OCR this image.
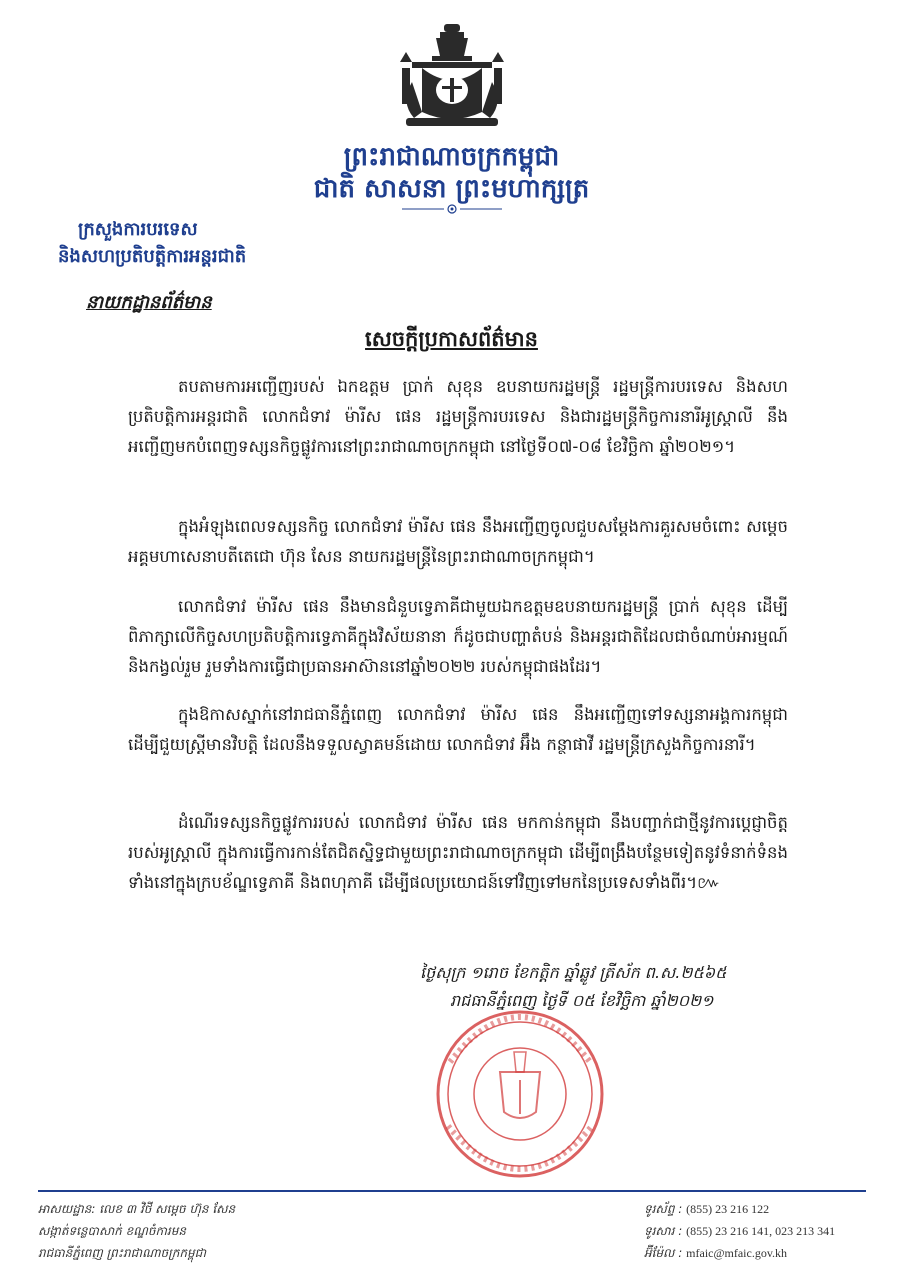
ព្រះរាជាណាចក្រកម្ពុជា
ជាតិ សាសនា ព្រះមហាក្សត្រ
ក្រសួងការបរទេស
និងសហប្រតិបត្តិការអន្តរជាតិ
នាយកដ្ឋានព័ត៌មាន
សេចក្ដីប្រកាសព័ត៌មាន

តបតាមការអញ្ជើញរបស់ ឯកឧត្តម ប្រាក់ សុខុន ឧបនាយករដ្ឋមន្ត្រី រដ្ឋមន្ត្រីការបរទេស និងសហប្រតិបត្តិការអន្តរជាតិ លោកជំទាវ ម៉ារីស ផេន រដ្ឋមន្ត្រីការបរទេស និងជារដ្ឋមន្ត្រីកិច្ចការនារីអូស្ត្រាលី នឹងអញ្ជើញមកបំពេញទស្សនកិច្ចផ្លូវការនៅព្រះរាជាណាចក្រកម្ពុជា នៅថ្ងៃទី០៧-០៨ ខែវិច្ឆិកា ឆ្នាំ២០២១។

ក្នុងអំឡុងពេលទស្សនកិច្ច លោកជំទាវ ម៉ារីស ផេន នឹងអញ្ជើញចូលជួបសម្ដែងការគួរសមចំពោះ សម្ដេចអគ្គមហាសេនាបតីតេជោ ហ៊ុន សែន នាយករដ្ឋមន្ត្រីនៃព្រះរាជាណាចក្រកម្ពុជា។

លោកជំទាវ ម៉ារីស ផេន នឹងមានជំនួបទ្វេភាគីជាមួយឯកឧត្តមឧបនាយករដ្ឋមន្ត្រី ប្រាក់ សុខុន ដើម្បីពិភាក្សាលើកិច្ចសហប្រតិបត្តិការទ្វេភាគីក្នុងវិស័យនានា ក៏ដូចជាបញ្ហាតំបន់ និងអន្តរជាតិដែលជាចំណាប់អារម្មណ៍ និងកង្វល់រួម រួមទាំងការធ្វើជាប្រធានអាស៊ាននៅឆ្នាំ២០២២ របស់កម្ពុជាផងដែរ។

ក្នុងឱកាសស្នាក់នៅរាជធានីភ្នំពេញ លោកជំទាវ ម៉ារីស ផេន នឹងអញ្ជើញទៅទស្សនាអង្គការកម្ពុជាដើម្បីជួយស្ត្រីមានវិបត្តិ ដែលនឹងទទួលស្វាគមន៍ដោយ លោកជំទាវ អ៊ឹង កន្ថាផាវី រដ្ឋមន្ត្រីក្រសួងកិច្ចការនារី។

ដំណើរទស្សនកិច្ចផ្លូវការរបស់ លោកជំទាវ ម៉ារីស ផេន មកកាន់កម្ពុជា នឹងបញ្ជាក់ជាថ្មីនូវការប្ដេជ្ញាចិត្តរបស់អូស្ត្រាលី ក្នុងការធ្វើការកាន់តែជិតស្និទ្ធជាមួយព្រះរាជាណាចក្រកម្ពុជា ដើម្បីពង្រឹងបន្ថែមទៀតនូវទំនាក់ទំនង ទាំងនៅក្នុងក្របខ័ណ្ឌទ្វេភាគី និងពហុភាគី ដើម្បីផលប្រយោជន៍ទៅវិញទៅមកនៃប្រទេសទាំងពីរ។៚

ថ្ងៃសុក្រ ១រោច ខែកត្ដិក ឆ្នាំឆ្លូវ ត្រីស័ក ព.ស.២៥៦៥
រាជធានីភ្នំពេញ ថ្ងៃទី ០៥ ខែវិច្ឆិកា ឆ្នាំ២០២១
អាសយដ្ឋាន: លេខ ៣ វិថី សម្ដេច ហ៊ុន សែន
សង្កាត់ទន្លេបាសាក់ ខណ្ឌចំការមន
រាជធានីភ្នំពេញ ព្រះរាជាណាចក្រកម្ពុជា
ទូរស័ព្ទ : (855) 23 216 122
ទូរសារ : (855) 23 216 141, 023 213 341
អ៊ីម៉ែល : mfaic@mfaic.gov.kh
